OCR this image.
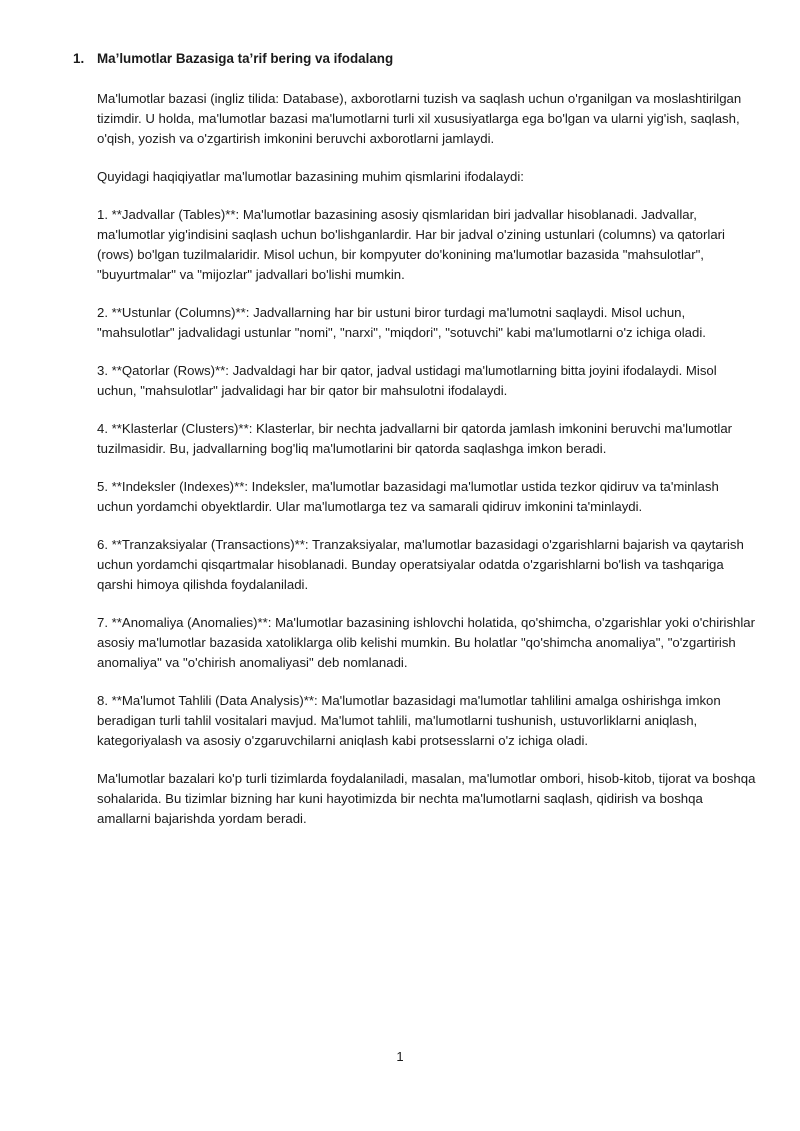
1. Ma’lumotlar Bazasiga ta’rif bering va ifodalang

Ma'lumotlar bazasi (ingliz tilida: Database), axborotlarni tuzish va saqlash uchun o'rganilgan va moslashtirilgan tizimdir. U holda, ma'lumotlar bazasi ma'lumotlarni turli xil xususiyatlarga ega bo'lgan va ularni yig'ish, saqlash, o'qish, yozish va o'zgartirish imkonini beruvchi axborotlarni jamlaydi.

Quyidagi haqiqiyatlar ma'lumotlar bazasining muhim qismlarini ifodalaydi:

1. **Jadvallar (Tables)**: Ma'lumotlar bazasining asosiy qismlaridan biri jadvallar hisoblanadi. Jadvallar, ma'lumotlar yig'indisini saqlash uchun bo'lishganlardir. Har bir jadval o'zining ustunlari (columns) va qatorlari (rows) bo'lgan tuzilmalaridir. Misol uchun, bir kompyuter do'konining ma'lumotlar bazasida "mahsulotlar", "buyurtmalar" va "mijozlar" jadvallari bo'lishi mumkin.

2. **Ustunlar (Columns)**: Jadvallarning har bir ustuni biror turdagi ma'lumotni saqlaydi. Misol uchun, "mahsulotlar" jadvalidagi ustunlar "nomi", "narxi", "miqdori", "sotuvchi" kabi ma'lumotlarni o'z ichiga oladi.

3. **Qatorlar (Rows)**: Jadvaldagi har bir qator, jadval ustidagi ma'lumotlarning bitta joyini ifodalaydi. Misol uchun, "mahsulotlar" jadvalidagi har bir qator bir mahsulotni ifodalaydi.

4. **Klasterlar (Clusters)**: Klasterlar, bir nechta jadvallarni bir qatorda jamlash imkonini beruvchi ma'lumotlar tuzilmasidir. Bu, jadvallarning bog'liq ma'lumotlarini bir qatorda saqlashga imkon beradi.

5. **Indeksler (Indexes)**: Indeksler, ma'lumotlar bazasidagi ma'lumotlar ustida tezkor qidiruv va ta'minlash uchun yordamchi obyektlardir. Ular ma'lumotlarga tez va samarali qidiruv imkonini ta'minlaydi.

6. **Tranzaksiyalar (Transactions)**: Tranzaksiyalar, ma'lumotlar bazasidagi o'zgarishlarni bajarish va qaytarish uchun yordamchi qisqartmalar hisoblanadi. Bunday operatsiyalar odatda o'zgarishlarni bo'lish va tashqariga qarshi himoya qilishda foydalaniladi.

7. **Anomaliya (Anomalies)**: Ma'lumotlar bazasining ishlovchi holatida, qo'shimcha, o'zgarishlar yoki o'chirishlar asosiy ma'lumotlar bazasida xatoliklarga olib kelishi mumkin. Bu holatlar "qo'shimcha anomaliya", "o'zgartirish anomaliya" va "o'chirish anomaliyasi" deb nomlanadi.

8. **Ma'lumot Tahlili (Data Analysis)**: Ma'lumotlar bazasidagi ma'lumotlar tahlilini amalga oshirishga imkon beradigan turli tahlil vositalari mavjud. Ma'lumot tahlili, ma'lumotlarni tushunish, ustuvorliklarni aniqlash, kategoriyalash va asosiy o'zgaruvchilarni aniqlash kabi protsesslarni o'z ichiga oladi.

Ma'lumotlar bazalari ko'p turli tizimlarda foydalaniladi, masalan, ma'lumotlar ombori, hisob-kitob, tijorat va boshqa sohalarida. Bu tizimlar bizning har kuni hayotimizda bir nechta ma'lumotlarni saqlash, qidirish va boshqa amallarni bajarishda yordam beradi.

1
